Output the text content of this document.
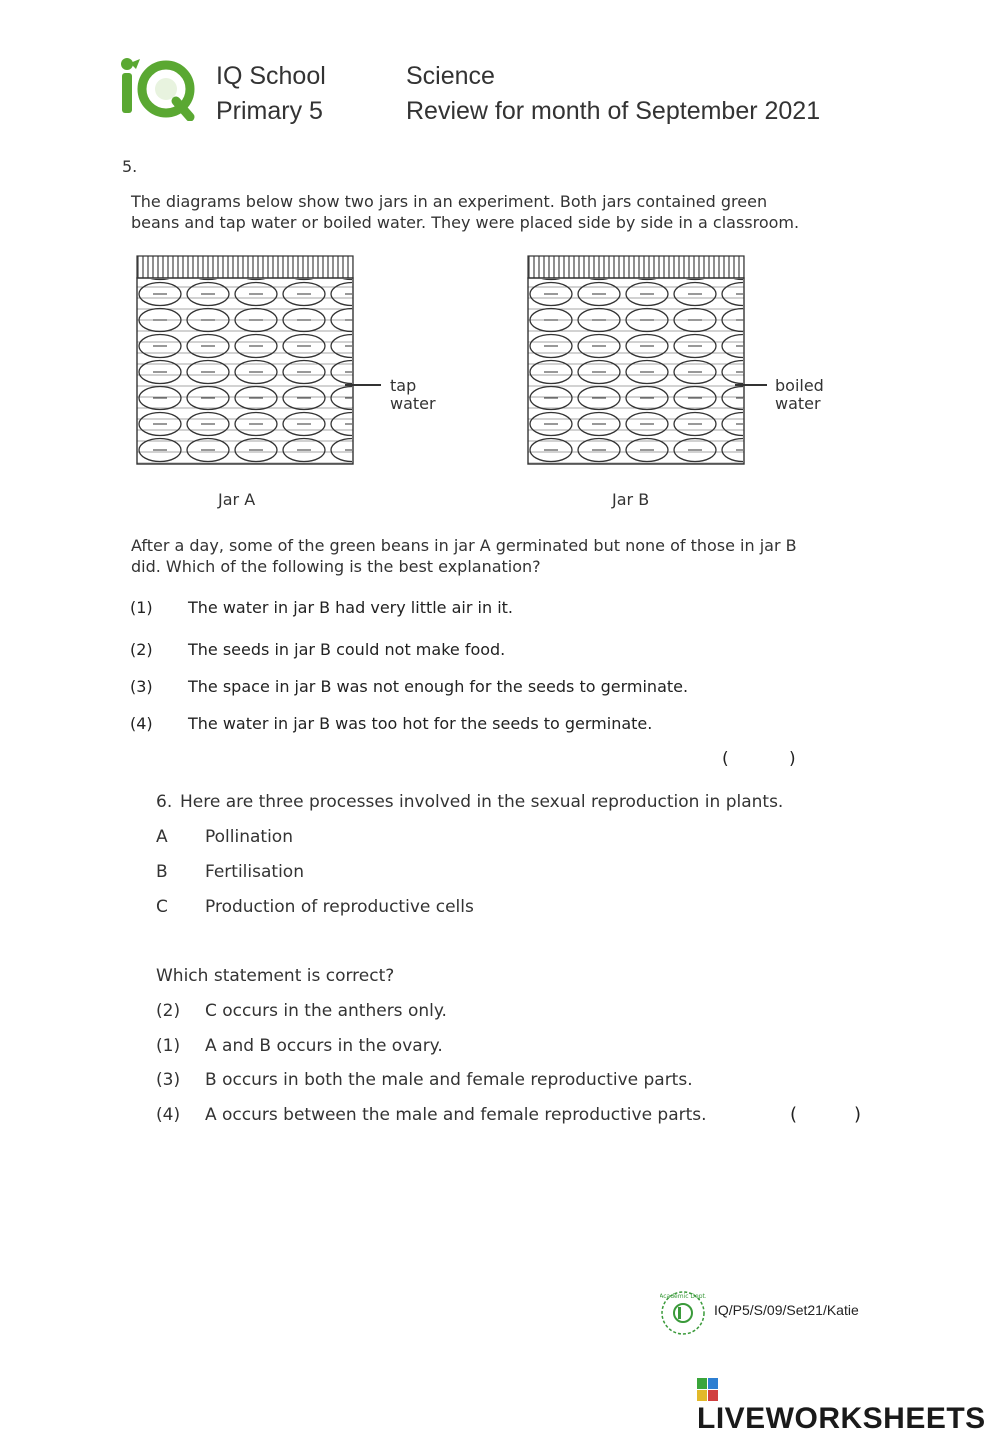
IQ School
Primary 5
Science
Review for month of September 2021
5.
The diagrams below show two jars in an experiment. Both jars contained green
beans and tap water or boiled water. They were placed side by side in a classroom.
tap
water
Jar A
boiled
water
Jar B
After a day, some of the green beans in jar A germinated but none of those in jar B
did. Which of the following is the best explanation?
(1) The water in jar B had very little air in it.
(2) The seeds in jar B could not make food.
(3) The space in jar B was not enough for the seeds to germinate.
(4) The water in jar B was too hot for the seeds to germinate.
(	)
6. Here are three processes involved in the sexual reproduction in plants.
A Pollination
B Fertilisation
C Production of reproductive cells
Which statement is correct?
(2) C occurs in the anthers only.
(1) A and B occurs in the ovary.
(3) B occurs in both the male and female reproductive parts.
(4) A occurs between the male and female reproductive parts.	(	)
Academic Dept.
IQ/P5/S/09/Set21/Katie
LIVEWORKSHEETS
